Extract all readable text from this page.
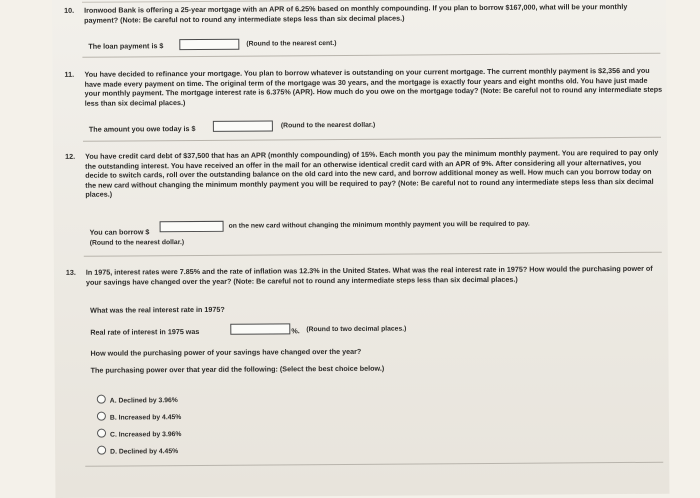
10. Ironwood Bank is offering a 25-year mortgage with an APR of 6.25% based on monthly compounding. If you plan to borrow $167,000, what will be your monthly payment? (Note: Be careful not to round any intermediate steps less than six decimal places.)
The loan payment is $	(Round to the nearest cent.)
11. You have decided to refinance your mortgage. You plan to borrow whatever is outstanding on your current mortgage. The current monthly payment is $2,356 and you have made every payment on time. The original term of the mortgage was 30 years, and the mortgage is exactly four years and eight months old. You have just made your monthly payment. The mortgage interest rate is 6.375% (APR). How much do you owe on the mortgage today? (Note: Be careful not to round any intermediate steps less than six decimal places.)
The amount you owe today is $	(Round to the nearest dollar.)
12. You have credit card debt of $37,500 that has an APR (monthly compounding) of 15%. Each month you pay the minimum monthly payment. You are required to pay only the outstanding interest. You have received an offer in the mail for an otherwise identical credit card with an APR of 9%. After considering all your alternatives, you decide to switch cards, roll over the outstanding balance on the old card into the new card, and borrow additional money as well. How much can you borrow today on the new card without changing the minimum monthly payment you will be required to pay? (Note: Be careful not to round any intermediate steps less than six decimal places.)
You can borrow $
on the new card without changing the minimum monthly payment you will be required to pay.
(Round to the nearest dollar.)
13. In 1975, interest rates were 7.85% and the rate of inflation was 12.3% in the United States. What was the real interest rate in 1975? How would the purchasing power of your savings have changed over the year? (Note: Be careful not to round any intermediate steps less than six decimal places.)
What was the real interest rate in 1975?
Real rate of interest in 1975 was	%. (Round to two decimal places.)
How would the purchasing power of your savings have changed over the year?
The purchasing power over that year did the following: (Select the best choice below.)
A. Declined by 3.96%
B. Increased by 4.45%
C. Increased by 3.96%
D. Declined by 4.45%
